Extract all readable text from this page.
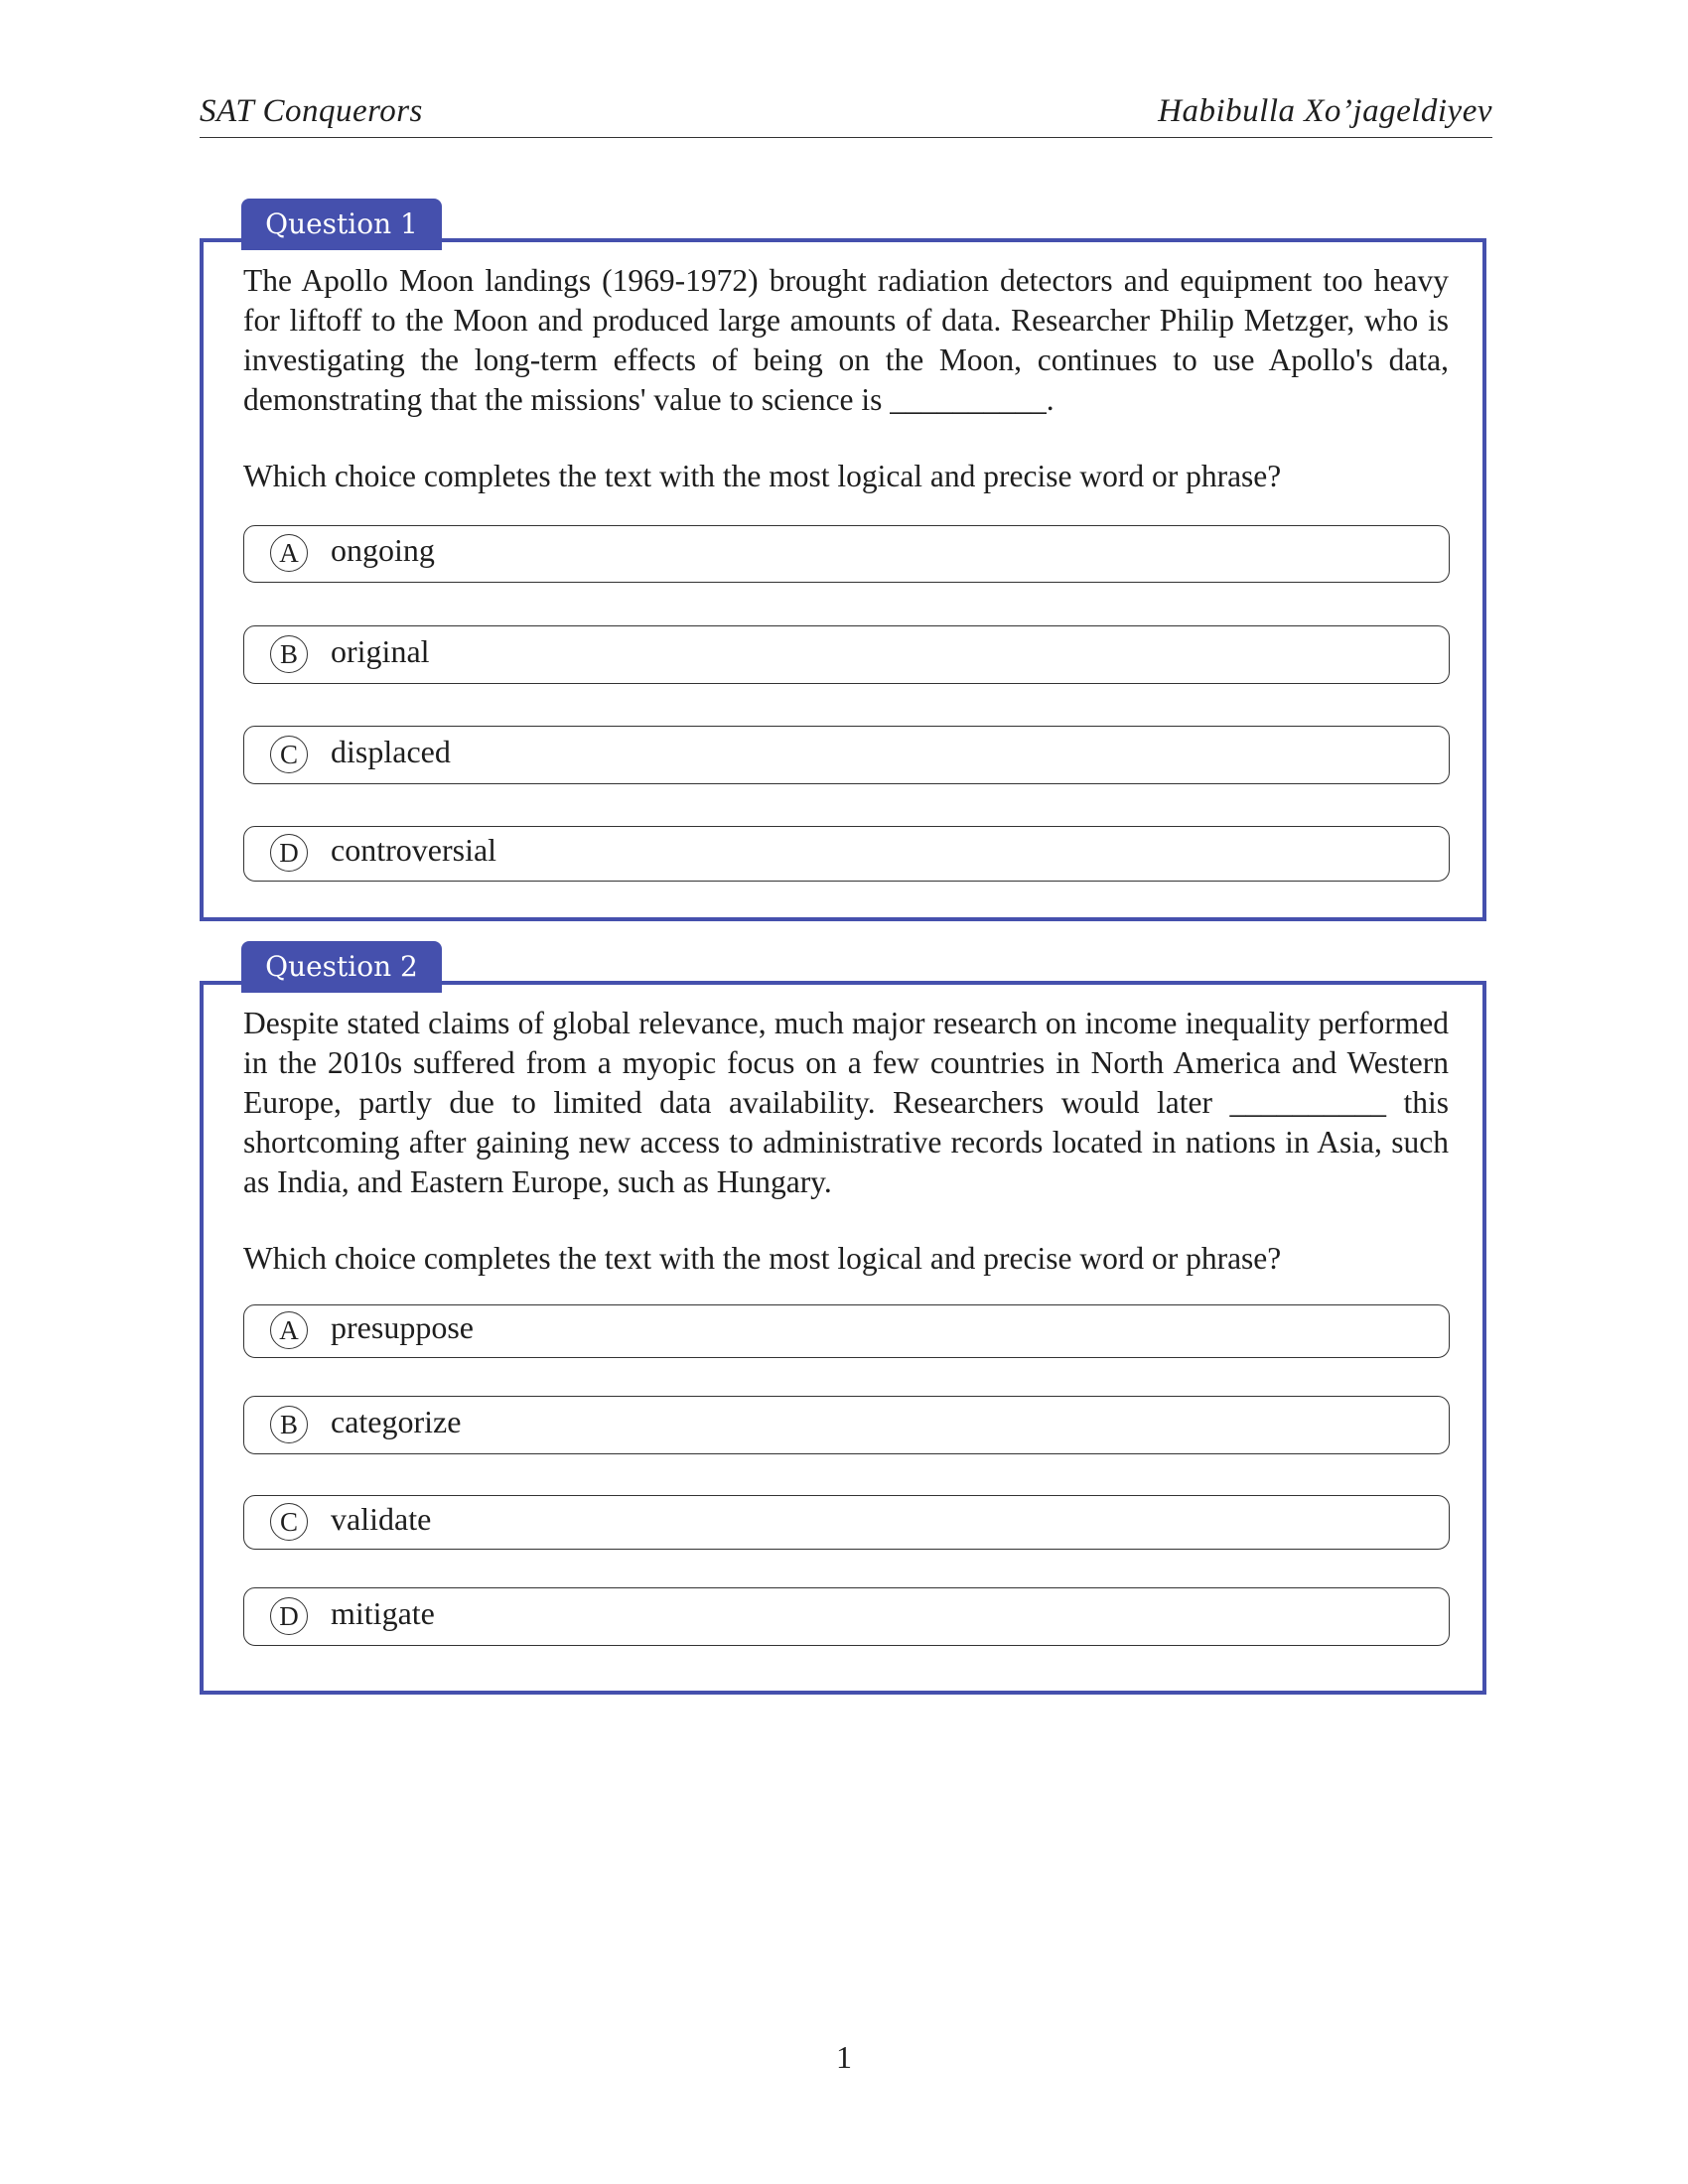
SAT Conquerors	Habibulla Xo’jageldiyev
Question 1

The Apollo Moon landings (1969-1972) brought radiation detectors and equipment too heavy for liftoff to the Moon and produced large amounts of data. Researcher Philip Metzger, who is investigating the long-term effects of being on the Moon, continues to use Apollo's data, demonstrating that the missions' value to science is __________.

Which choice completes the text with the most logical and precise word or phrase?

A ongoing
B	original
C	displaced
D controversial
Question 2

Despite stated claims of global relevance, much major research on income inequality performed in the 2010s suffered from a myopic focus on a few countries in North America and Western Europe, partly due to limited data availability. Researchers would later __________ this shortcoming after gaining new access to administrative records located in nations in Asia, such as India, and Eastern Europe, such as Hungary.

Which choice completes the text with the most logical and precise word or phrase?

A presuppose
B	categorize
C	validate
D mitigate
1
